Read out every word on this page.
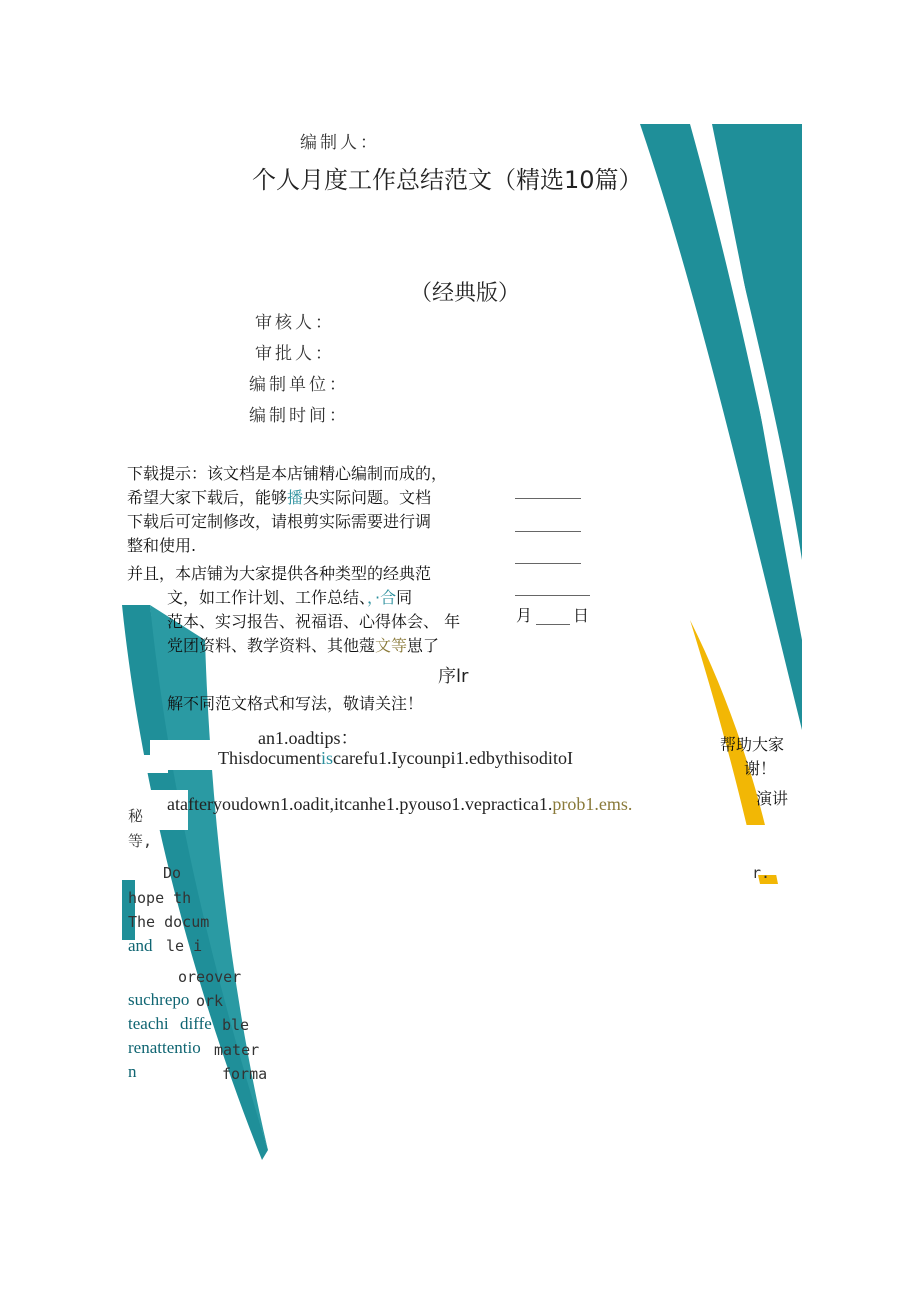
编制人：
个人月度工作总结范文（精选10篇）
（经典版）
审核人：
审批人：
编制单位：
编制时间：
月	日
下载提示：该文档是本店铺精心编制而成的，
希望大家下载后，能够播央实际问题。文档
下载后可定制修改，请根剪实际需要进行调
整和使用.
并且，本店铺为大家提供各种类型的经典范
文，如工作计划、工作总结、，·合同
范本、实习报告、祝福语、心得体会、 年
党团资料、教学资料、其他蔻文等崽了
序lr
解不同范文格式和写法，敬请关注！
an1.oadtips：
Thisdocumentiscarefu1.Iycounpi1.edbythisoditoI
atafteryoudown1.oadit,itcanhe1.pyouso1.vepractica1.prob1.ems.
帮助大家
谢！
演讲
r.
秘
等,
Do
hope th
The docum
and le i
oreover
suchrepo ork
teachi diffe ble
renattentio mater
n	forma
